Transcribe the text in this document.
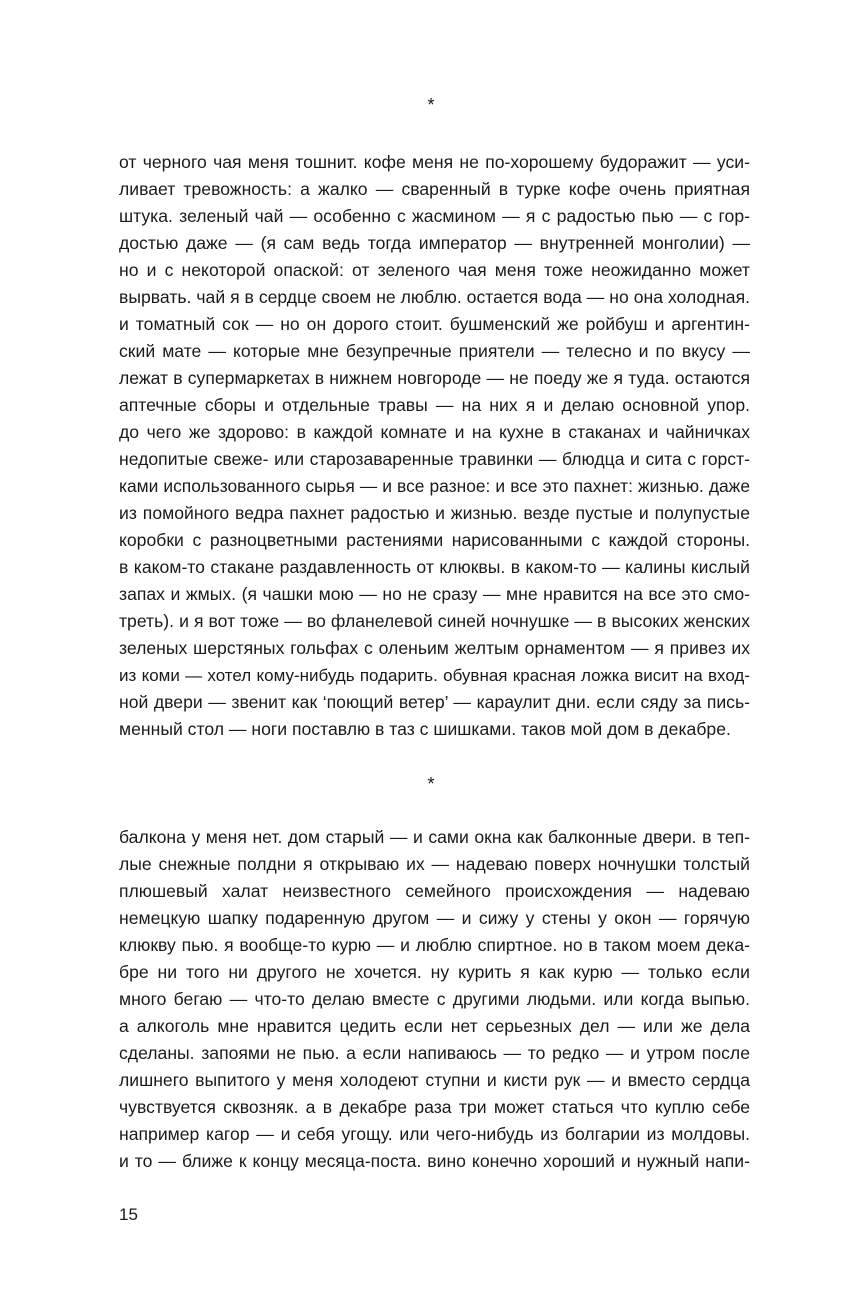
*
от черного чая меня тошнит. кофе меня не по-хорошему будоражит — уси-
ливает тревожность: а жалко — сваренный в турке кофе очень приятная
штука. зеленый чай — особенно с жасмином — я с радостью пью — с гор-
достью даже — (я сам ведь тогда император — внутренней монголии) —
но и с некоторой опаской: от зеленого чая меня тоже неожиданно может
вырвать. чай я в сердце своем не люблю. остается вода — но она холодная.
и томатный сок — но он дорого стоит. бушменский же ройбуш и аргентин-
ский мате — которые мне безупречные приятели — телесно и по вкусу —
лежат в супермаркетах в нижнем новгороде — не поеду же я туда. остаются
аптечные сборы и отдельные травы — на них я и делаю основной упор.
до чего же здорово: в каждой комнате и на кухне в стаканах и чайничках
недопитые свеже- или старозаваренные травинки — блюдца и сита с горст-
ками использованного сырья — и все разное: и все это пахнет: жизнью. даже
из помойного ведра пахнет радостью и жизнью. везде пустые и полупустые
коробки с разноцветными растениями нарисованными с каждой стороны.
в каком-то стакане раздавленность от клюквы. в каком-то — калины кислый
запах и жмых. (я чашки мою — но не сразу — мне нравится на все это смо-
треть). и я вот тоже — во фланелевой синей ночнушке — в высоких женских
зеленых шерстяных гольфах с оленьим желтым орнаментом — я привез их
из коми — хотел кому-нибудь подарить. обувная красная ложка висит на вход-
ной двери — звенит как ‘поющий ветер’ — караулит дни. если сяду за пись-
менный стол — ноги поставлю в таз с шишками. таков мой дом в декабре.
*
балкона у меня нет. дом старый — и сами окна как балконные двери. в теп-
лые снежные полдни я открываю их — надеваю поверх ночнушки толстый
плюшевый халат неизвестного семейного происхождения — надеваю
немецкую шапку подаренную другом — и сижу у стены у окон — горячую
клюкву пью. я вообще-то курю — и люблю спиртное. но в таком моем дека-
бре ни того ни другого не хочется. ну курить я как курю — только если
много бегаю — что-то делаю вместе с другими людьми. или когда выпью.
а алкоголь мне нравится цедить если нет серьезных дел — или же дела
сделаны. запоями не пью. а если напиваюсь — то редко — и утром после
лишнего выпитого у меня холодеют ступни и кисти рук — и вместо сердца
чувствуется сквозняк. а в декабре раза три может статься что куплю себе
например кагор — и себя угощу. или чего-нибудь из болгарии из молдовы.
и то — ближе к концу месяца-поста. вино конечно хороший и нужный напи-
15
